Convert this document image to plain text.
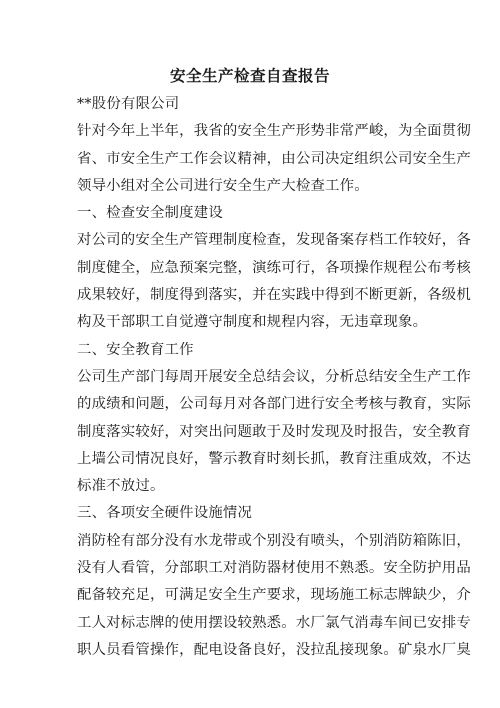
安全生产检查自查报告
**股份有限公司
针对今年上半年，我省的安全生产形势非常严峻，为全面贯彻
省、市安全生产工作会议精神，由公司决定组织公司安全生产
领导小组对全公司进行安全生产大检查工作。
一、检查安全制度建设
对公司的安全生产管理制度检查，发现备案存档工作较好，各
制度健全，应急预案完整，演练可行，各项操作规程公布考核
成果较好，制度得到落实，并在实践中得到不断更新，各级机
构及干部职工自觉遵守制度和规程内容，无违章现象。
二、安全教育工作
公司生产部门每周开展安全总结会议，分析总结安全生产工作
的成绩和问题，公司每月对各部门进行安全考核与教育，实际
制度落实较好，对突出问题敢于及时发现及时报告，安全教育
上墙公司情况良好，警示教育时刻长抓，教育注重成效，不达
标准不放过。
三、各项安全硬件设施情况
消防栓有部分没有水龙带或个别没有喷头，个别消防箱陈旧，
没有人看管，分部职工对消防器材使用不熟悉。安全防护用品
配备较充足，可满足安全生产要求，现场施工标志牌缺少，介
工人对标志牌的使用摆设较熟悉。水厂氯气消毒车间已安排专
职人员看管操作，配电设备良好，没拉乱接现象。矿泉水厂臭
